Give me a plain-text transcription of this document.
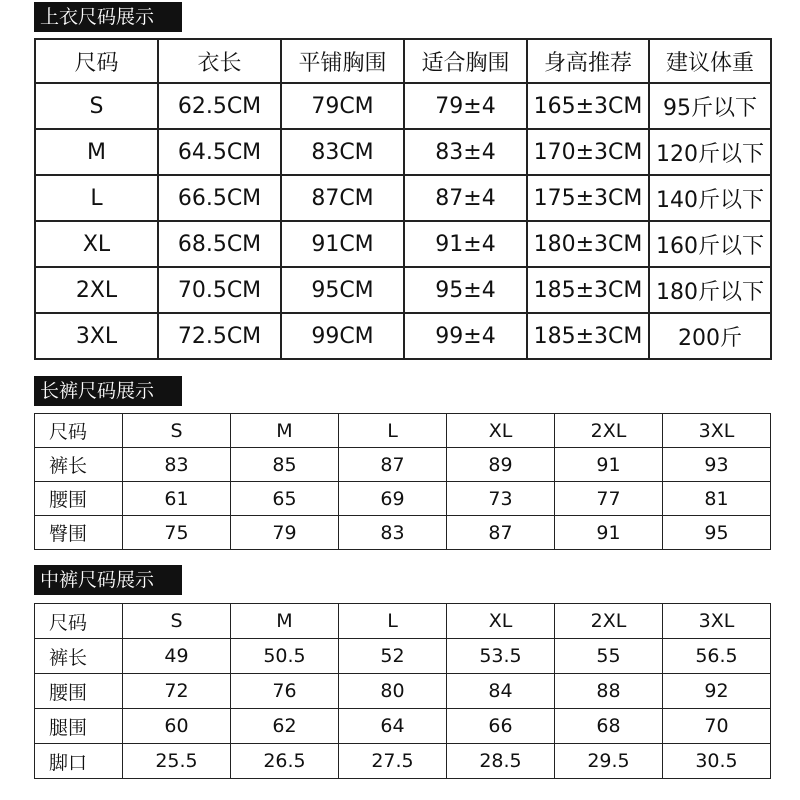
上衣尺码展示
尺码	衣长	平铺胸围	适合胸围	身高推荐	建议体重
S	62.5CM	79CM	79±4	165±3CM	95斤以下
M	64.5CM	83CM	83±4	170±3CM	120斤以下
L	66.5CM	87CM	87±4	175±3CM	140斤以下
XL	68.5CM	91CM	91±4	180±3CM	160斤以下
2XL	70.5CM	95CM	95±4	185±3CM	180斤以下
3XL	72.5CM	99CM	99±4	185±3CM	200斤
长裤尺码展示
尺码	S	M	L	XL	2XL	3XL
裤长	83	85	87	89	91	93
腰围	61	65	69	73	77	81
臀围	75	79	83	87	91	95
中裤尺码展示
尺码	S	M	L	XL	2XL	3XL
裤长	49	50.5	52	53.5	55	56.5
腰围	72	76	80	84	88	92
腿围	60	62	64	66	68	70
脚口	25.5	26.5	27.5	28.5	29.5	30.5
